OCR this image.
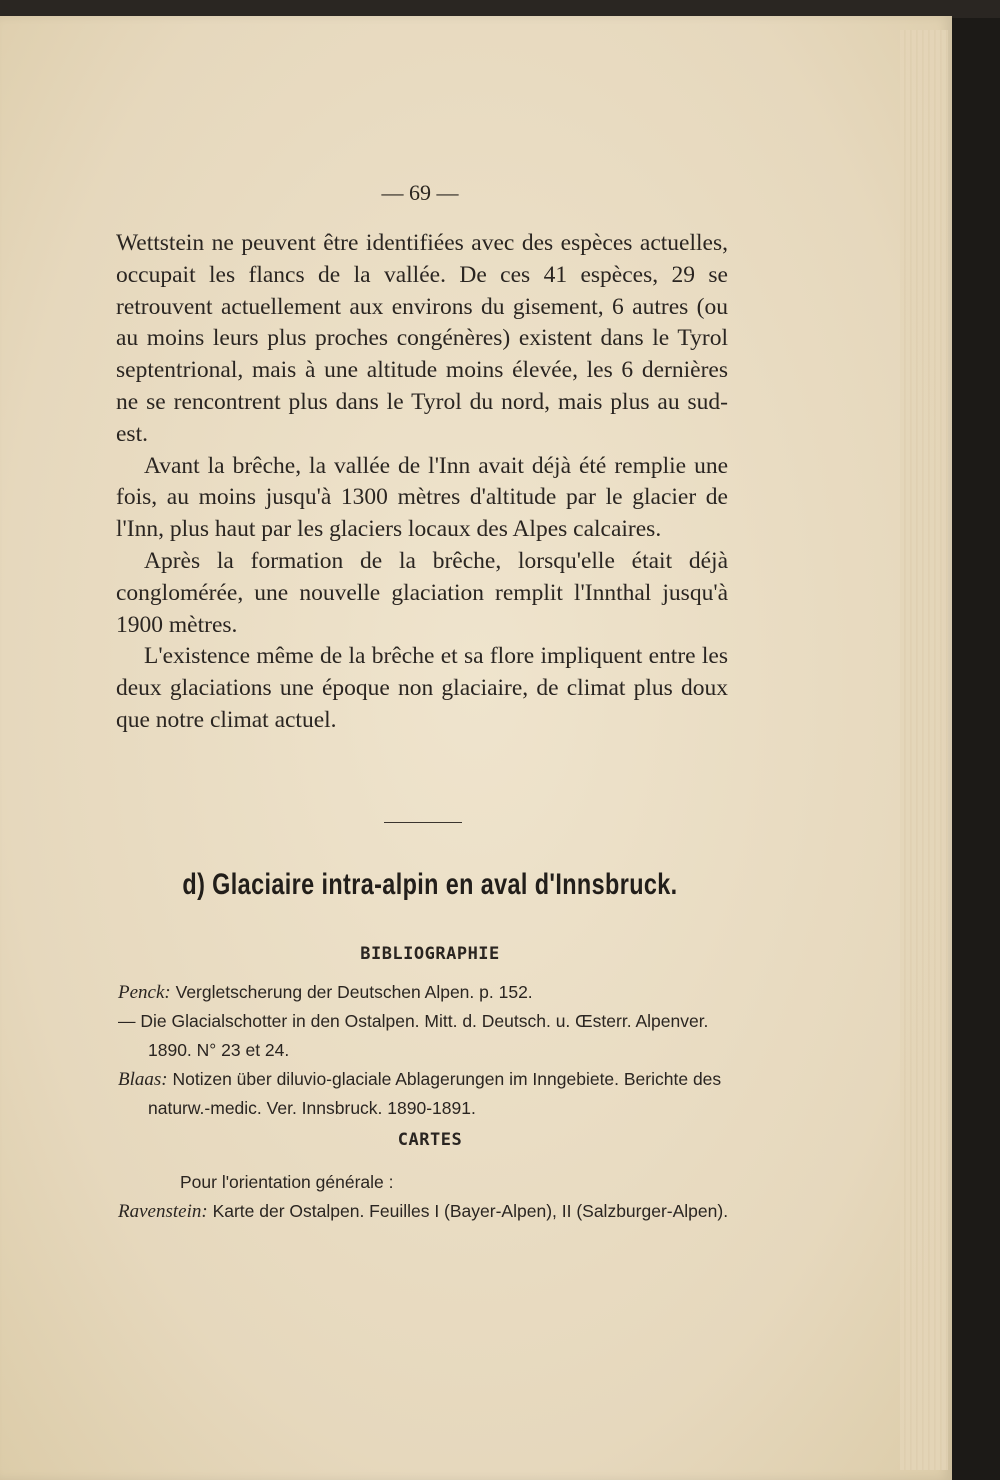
— 69 —

Wettstein ne peuvent être identifiées avec des espèces actuelles, occupait les flancs de la vallée. De ces 41 espèces, 29 se retrouvent actuellement aux environs du gisement, 6 autres (ou au moins leurs plus proches congénères) existent dans le Tyrol septentrional, mais à une altitude moins élevée, les 6 dernières ne se rencontrent plus dans le Tyrol du nord, mais plus au sud-est.

Avant la brêche, la vallée de l'Inn avait déjà été remplie une fois, au moins jusqu'à 1300 mètres d'altitude par le glacier de l'Inn, plus haut par les glaciers locaux des Alpes calcaires.

Après la formation de la brêche, lorsqu'elle était déjà conglomérée, une nouvelle glaciation remplit l'Innthal jusqu'à 1900 mètres.

L'existence même de la brêche et sa flore impliquent entre les deux glaciations une époque non glaciaire, de climat plus doux que notre climat actuel.

d) Glaciaire intra-alpin en aval d'Innsbruck.
BIBLIOGRAPHIE

Penck: Vergletscherung der Deutschen Alpen. p. 152.

— Die Glacialschotter in den Ostalpen. Mitt. d. Deutsch. u. Œsterr. Alpenver. 1890. N° 23 et 24.

Blaas: Notizen über diluvio-glaciale Ablagerungen im Inngebiete. Berichte des naturw.-medic. Ver. Innsbruck. 1890-1891.

CARTES

Pour l'orientation générale :

Ravenstein: Karte der Ostalpen. Feuilles I (Bayer-Alpen), II (Salzburger-Alpen).
